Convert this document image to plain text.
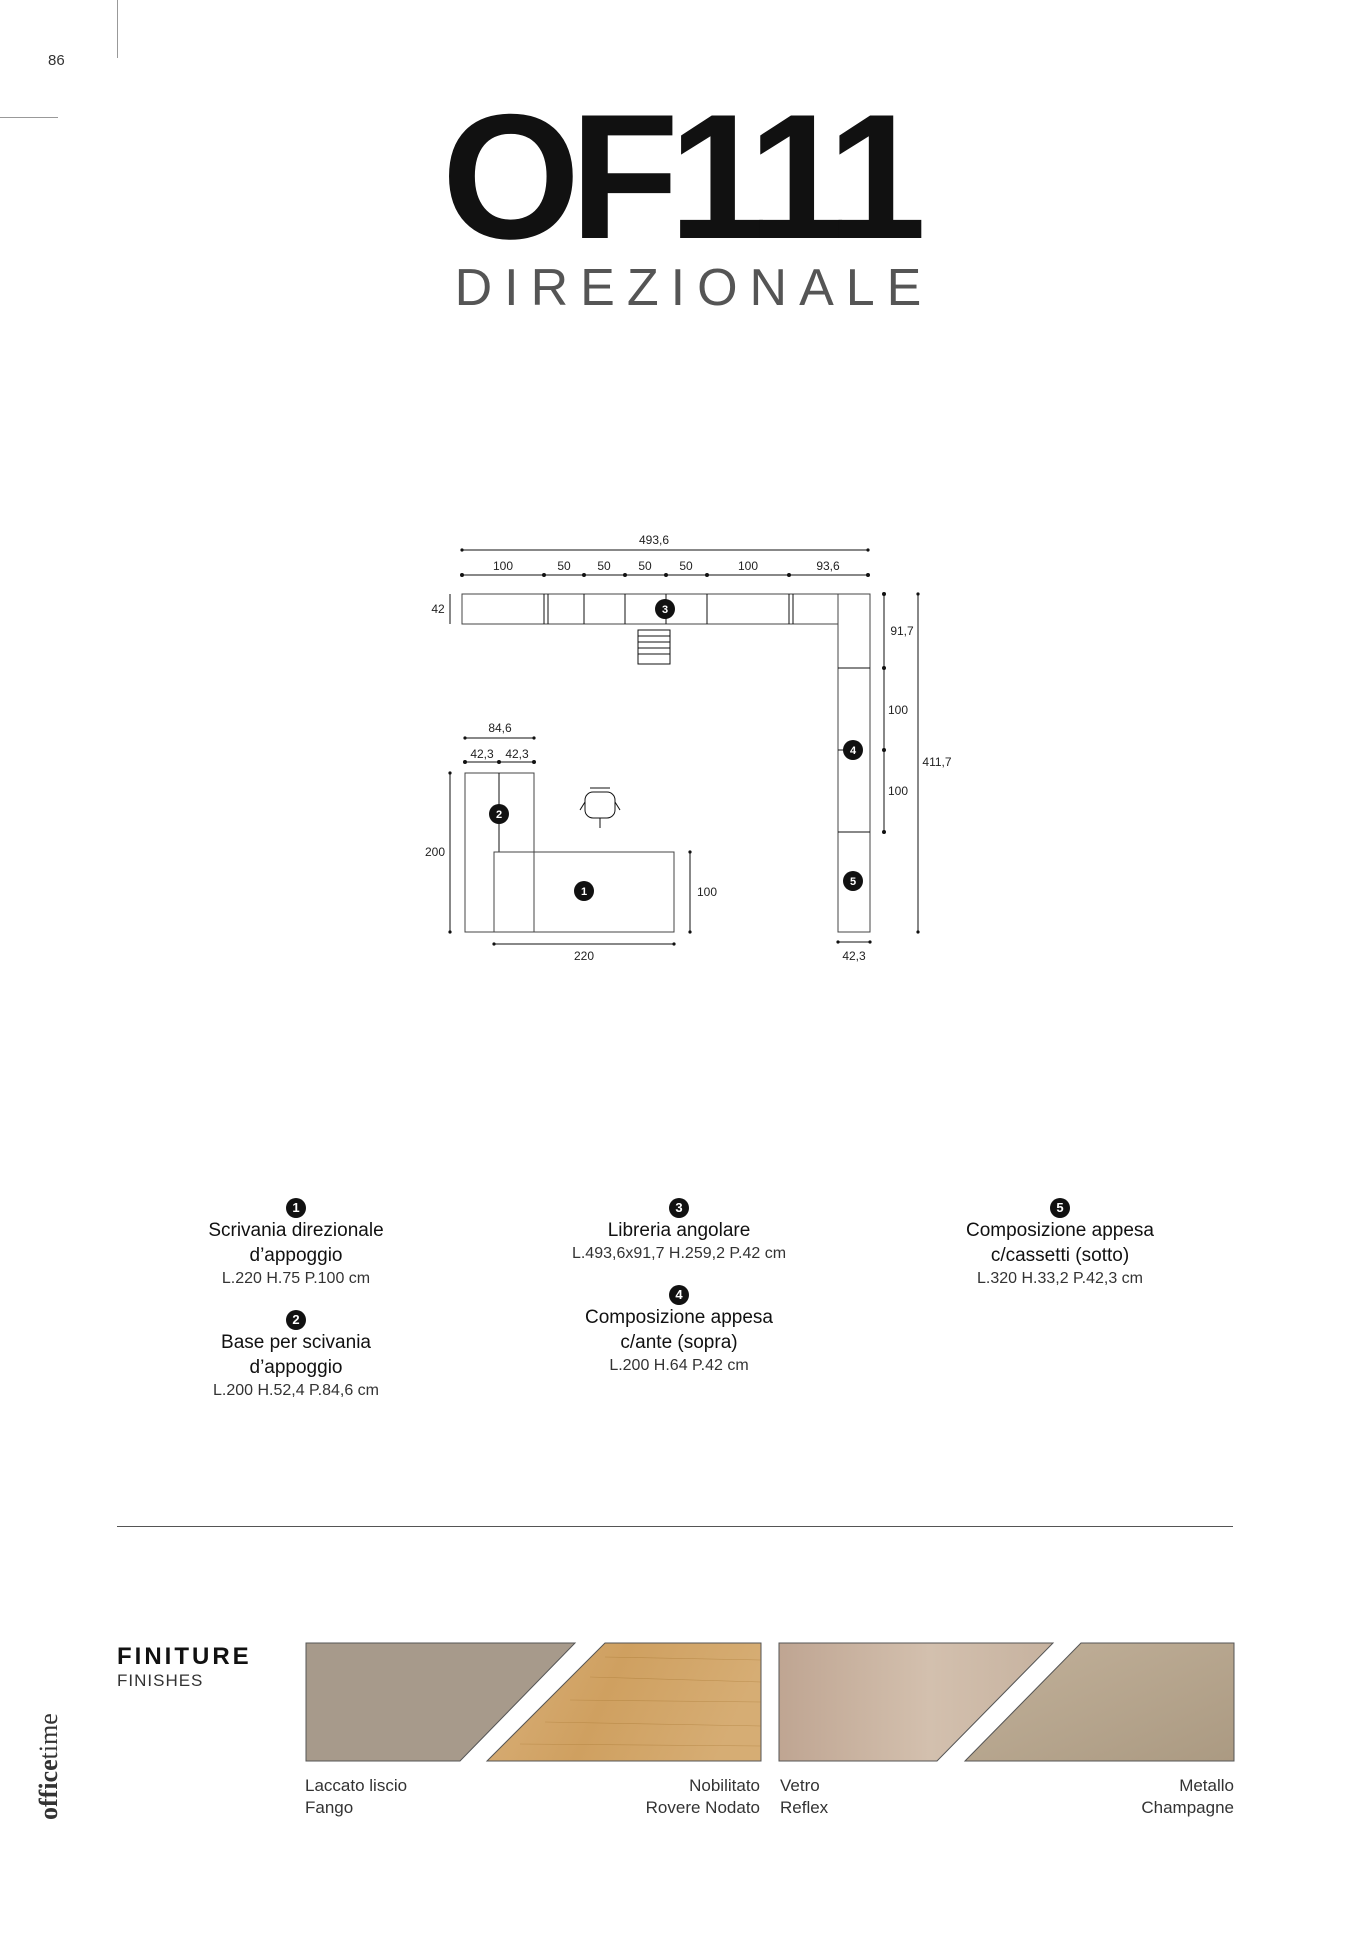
86
OF111
DIREZIONALE
493,6
100	50 50 50 50	100	93,6
42
91,7
100
100
411,7
42,3
84,6
42,3 42,3
200
100
220
3
2
1
4
5
1
Scrivania direzionale
d’appoggio
L.220 H.75 P.100 cm
2
Base per scivania
d’appoggio
L.200 H.52,4 P.84,6 cm
3
Libreria angolare
L.493,6x91,7 H.259,2 P.42 cm
4
Composizione appesa
c/ante (sopra)
L.200 H.64 P.42 cm
5
Composizione appesa
c/cassetti (sotto)
L.320 H.33,2 P.42,3 cm
FINITURE
FINISHES
Laccato liscio
Fango
Nobilitato
Rovere Nodato
Vetro
Reflex
Metallo
Champagne
officetime
